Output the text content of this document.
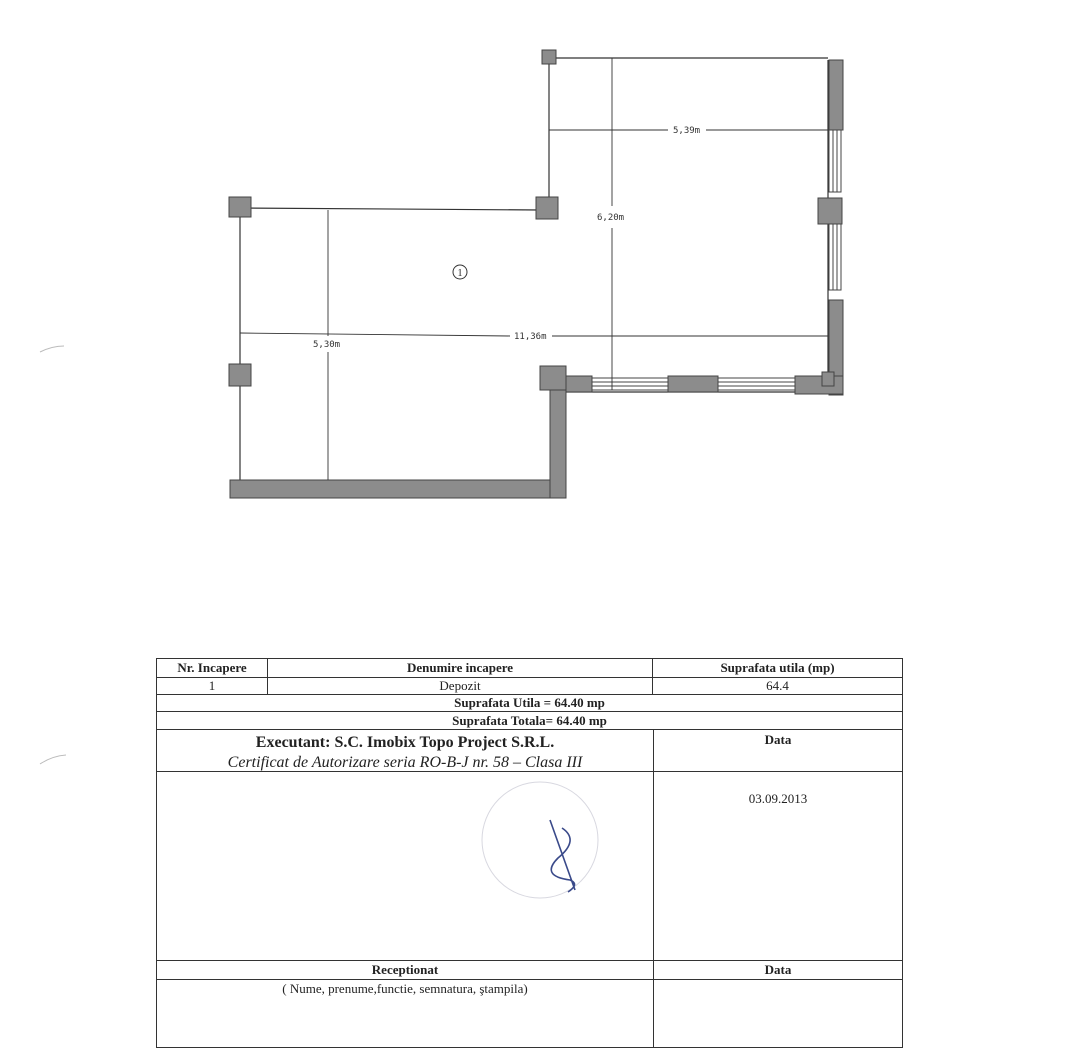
5,39m
6,20m
5,30m
11,36m
1
Nr. Incapere	Denumire incapere	Suprafata utila (mp)
1	Depozit	64.4
Suprafata Utila = 64.40 mp
Suprafata Totala= 64.40 mp
Executant: S.C. Imobix Topo Project S.R.L.
Certificat de Autorizare seria RO-B-J nr. 58 – Clasa III
Data
03.09.2013
Receptionat
( Nume, prenume,functie, semnatura, ştampila)
Data
